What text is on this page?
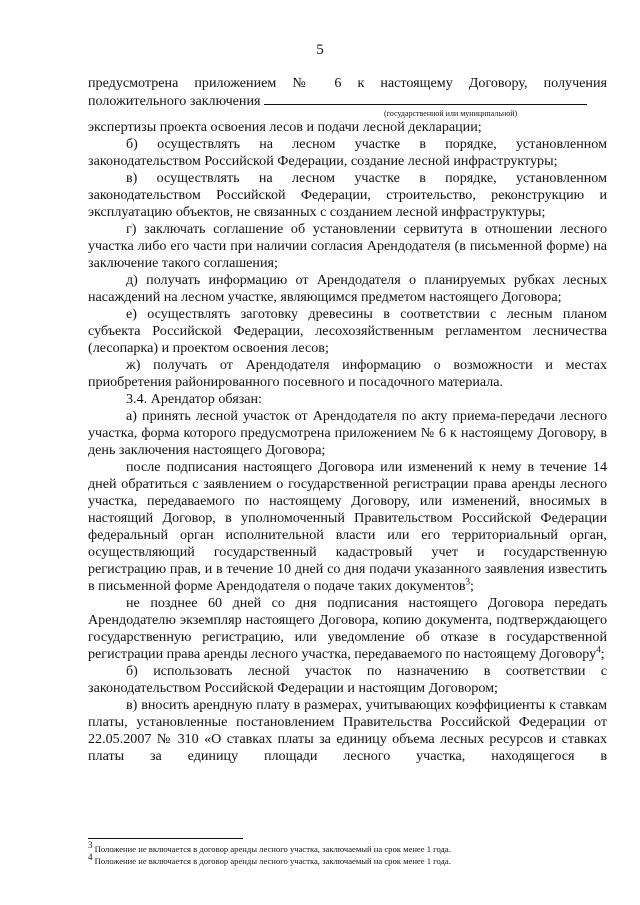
5
предусмотрена приложением № 6 к настоящему Договору, получения
положительного заключения
(государственной или муниципальной)
экспертизы проекта освоения лесов и подачи лесной декларации;
б) осуществлять на лесном участке в порядке, установленном законодательством Российской Федерации, создание лесной инфраструктуры;
в) осуществлять на лесном участке в порядке, установленном законодательством Российской Федерации, строительство, реконструкцию и эксплуатацию объектов, не связанных с созданием лесной инфраструктуры;
г) заключать соглашение об установлении сервитута в отношении лесного участка либо его части при наличии согласия Арендодателя (в письменной форме) на заключение такого соглашения;
д) получать информацию от Арендодателя о планируемых рубках лесных насаждений на лесном участке, являющимся предметом настоящего Договора;
е) осуществлять заготовку древесины в соответствии с лесным планом субъекта Российской Федерации, лесохозяйственным регламентом лесничества (лесопарка) и проектом освоения лесов;
ж) получать от Арендодателя информацию о возможности и местах приобретения районированного посевного и посадочного материала.
3.4. Арендатор обязан:
а) принять лесной участок от Арендодателя по акту приема-передачи лесного участка, форма которого предусмотрена приложением № 6 к настоящему Договору, в день заключения настоящего Договора;
после подписания настоящего Договора или изменений к нему в течение 14 дней обратиться с заявлением о государственной регистрации права аренды лесного участка, передаваемого по настоящему Договору, или изменений, вносимых в настоящий Договор, в уполномоченный Правительством Российской Федерации федеральный орган исполнительной власти или его территориальный орган, осуществляющий государственный кадастровый учет и государственную регистрацию прав, и в течение 10 дней со дня подачи указанного заявления известить в письменной форме Арендодателя о подаче таких документов$^3$;
не позднее 60 дней со дня подписания настоящего Договора передать Арендодателю экземпляр настоящего Договора, копию документа, подтверждающего государственную регистрацию, или уведомление об отказе в государственной регистрации права аренды лесного участка, передаваемого по настоящему Договору$^4$;
б) использовать лесной участок по назначению в соответствии с законодательством Российской Федерации и настоящим Договором;
в) вносить арендную плату в размерах, учитывающих коэффициенты к ставкам платы, установленные постановлением Правительства Российской Федерации от 22.05.2007 № 310 «О ставках платы за единицу объема лесных ресурсов и ставках платы за единицу площади лесного участка, находящегося в
$^3$ Положение не включается в договор аренды лесного участка, заключаемый на срок менее 1 года.
$^4$ Положение не включается в договор аренды лесного участка, заключаемый на срок менее 1 года.
